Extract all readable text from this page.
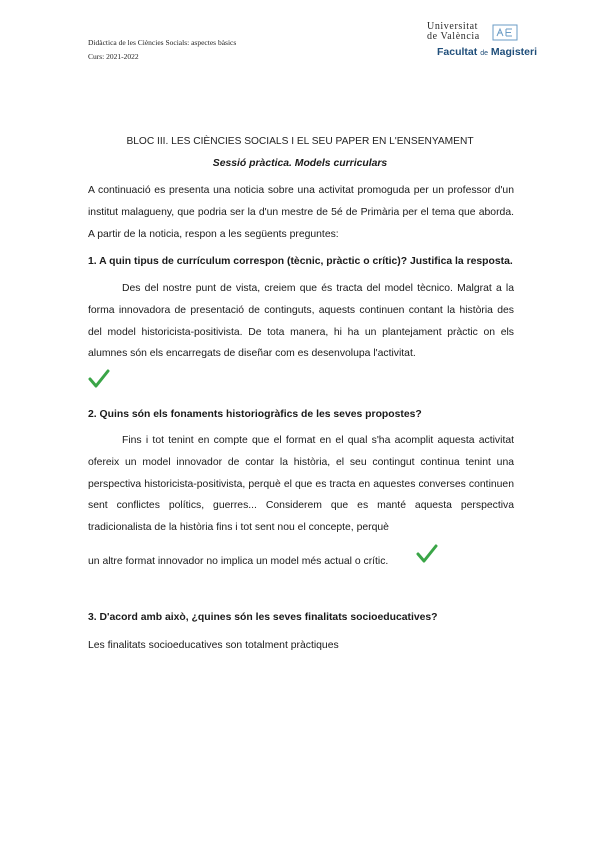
Didàctica de les Ciències Socials: aspectes bàsics
Curs: 2021-2022
Universitat
de València
Facultat de Magisteri
BLOC III. LES CIÈNCIES SOCIALS I EL SEU PAPER EN L'ENSENYAMENT
Sessió pràctica. Models curriculars
A continuació es presenta una noticia sobre una activitat promoguda per un professor d'un institut malagueny, que podria ser la d'un mestre de 5é de Primària per el tema que aborda. A partir de la noticia, respon a les següents preguntes:
1. A quin tipus de currículum correspon (tècnic, pràctic o crític)? Justifica la resposta.
Des del nostre punt de vista, creiem que és tracta del model tècnico. Malgrat a la forma innovadora de presentació de continguts, aquests continuen contant la història des del model historicista-positivista. De tota manera, hi ha un plantejament pràctic on els alumnes són els encarregats de diseñar com es desenvolupa l'activitat.
2. Quins són els fonaments historiogràfics de les seves propostes?
Fins i tot tenint en compte que el format en el qual s'ha acomplit aquesta activitat ofereix un model innovador de contar la història, el seu contingut continua tenint una perspectiva historicista-positivista, perquè el que es tracta en aquestes converses continuen sent conflictes polítics, guerres... Considerem que es manté aquesta perspectiva tradicionalista de la història fins i tot sent nou el concepte, perquè
un altre format innovador no implica un model més actual o crític.
3. D'acord amb això, ¿quines són les seves finalitats socioeducatives?
Les finalitats socioeducatives son totalment pràctiques
